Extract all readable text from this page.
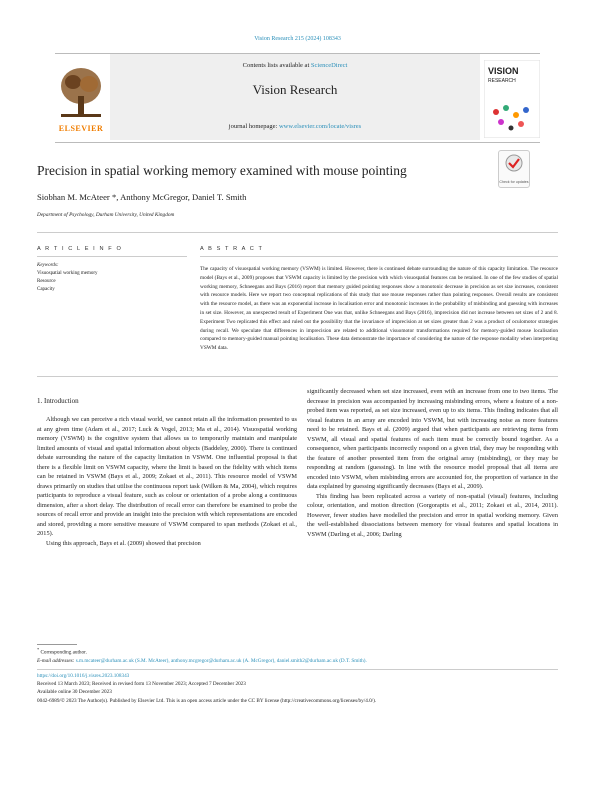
Vision Research 215 (2024) 108343
Contents lists available at ScienceDirect
Vision Research
journal homepage: www.elsevier.com/locate/visres
ELSEVIER
VISION
RESEARCH
Precision in spatial working memory examined with mouse pointing
Check for updates
Siobhan M. McAteer *, Anthony McGregor, Daniel T. Smith
Department of Psychology, Durham University, United Kingdom
A R T I C L E I N F O	A B S T R A C T
Keywords:
Visuospatial working memory
Resource
Capacity
The capacity of visuospatial working memory (VSWM) is limited. However, there is continued debate surrounding the nature of this capacity limitation. The resource model (Bays et al., 2009) proposes that VSWM capacity is limited by the precision with which visuospatial features can be retained. In one of the few studies of spatial working memory, Schneegans and Bays (2016) report that memory guided pointing responses show a monotonic decrease in precision as set size increases, consistent with resource models. Here we report two conceptual replications of this study that use mouse responses rather than pointing responses. Overall results are consistent with the resource model, as there was an exponential increase in localisation error and monotonic increases in the probability of misbinding and guessing with increases in set size. However, an unexpected result of Experiment One was that, unlike Schneegans and Bays (2016), imprecision did not increase between set sizes of 2 and 8. Experiment Two replicated this effect and ruled out the possibility that the invariance of imprecision at set sizes greater than 2 was a product of oculomotor strategies during recall. We speculate that differences in imprecision are related to additional visuomotor transformations required for memory-guided mouse localisation compared to memory-guided manual pointing localisation. These data demonstrate the importance of considering the nature of the response modality when interpreting VSWM data.
1. Introduction

Although we can perceive a rich visual world, we cannot retain all the information presented to us at any given time (Adam et al., 2017; Luck & Vogel, 2013; Ma et al., 2014). Visuospatial working memory (VSWM) is the cognitive system that allows us to temporarily maintain and manipulate limited amounts of visual and spatial information about objects (Baddeley, 2000). There is continued debate surrounding the nature of the capacity limitation in VSWM. One influential proposal is that there is a flexible limit on VSWM capacity, where the limit is based on the fidelity with which items can be retained in VSWM (Bays et al., 2009; Zokaei et al., 2011). This resource model of VSWM draws primarily on studies that utilise the continuous report task (Wilken & Ma, 2004), which requires participants to reproduce a visual feature, such as colour or orientation of a probe along a continuous dimension, after a short delay. The distribution of recall error can therefore be examined to probe the sources of recall error and provide an insight into the precision with which representations are encoded and stored, providing a more sensitive measure of VSWM compared to span methods (Zokaei et al., 2015).

Using this approach, Bays et al. (2009) showed that precision

significantly decreased when set size increased, even with an increase from one to two items. The decrease in precision was accompanied by increasing misbinding errors, where a feature of a non-probed item was reported, as set size increased, even up to six items. This finding indicates that all visual features in an array are encoded into VSWM, but with increasing noise as more features need to be retained. Bays et al. (2009) argued that when participants are retrieving items from VSWM, all visual and spatial features of each item must be correctly bound together. As a consequence, when participants incorrectly respond on a given trial, they may be responding with the feature of another presented item from the original array (misbinding), or they may be responding at random (guessing). In line with the resource model proposal that all items are encoded into VSWM, when misbinding errors are accounted for, the proportion of variance in the data explained by guessing significantly decreases (Bays et al., 2009).

This finding has been replicated across a variety of non-spatial (visual) features, including colour, orientation, and motion direction (Gorgoraptis et al., 2011; Zokaei et al., 2014, 2011). However, fewer studies have modelled the precision and error in spatial working memory. Given the well-established dissociations between memory for visual features and spatial locations in VSWM (Darling et al., 2006; Darling

* Corresponding author.
E-mail addresses: s.m.mcateer@durham.ac.uk (S.M. McAteer), anthony.mcgregor@durham.ac.uk (A. McGregor), daniel.smith2@durham.ac.uk (D.T. Smith).
https://doi.org/10.1016/j.visres.2023.108343
Received 13 March 2023; Received in revised form 13 November 2023; Accepted 7 December 2023
Available online 30 December 2023
0042-6989/© 2023 The Author(s). Published by Elsevier Ltd. This is an open access article under the CC BY license (http://creativecommons.org/licenses/by/4.0/).
